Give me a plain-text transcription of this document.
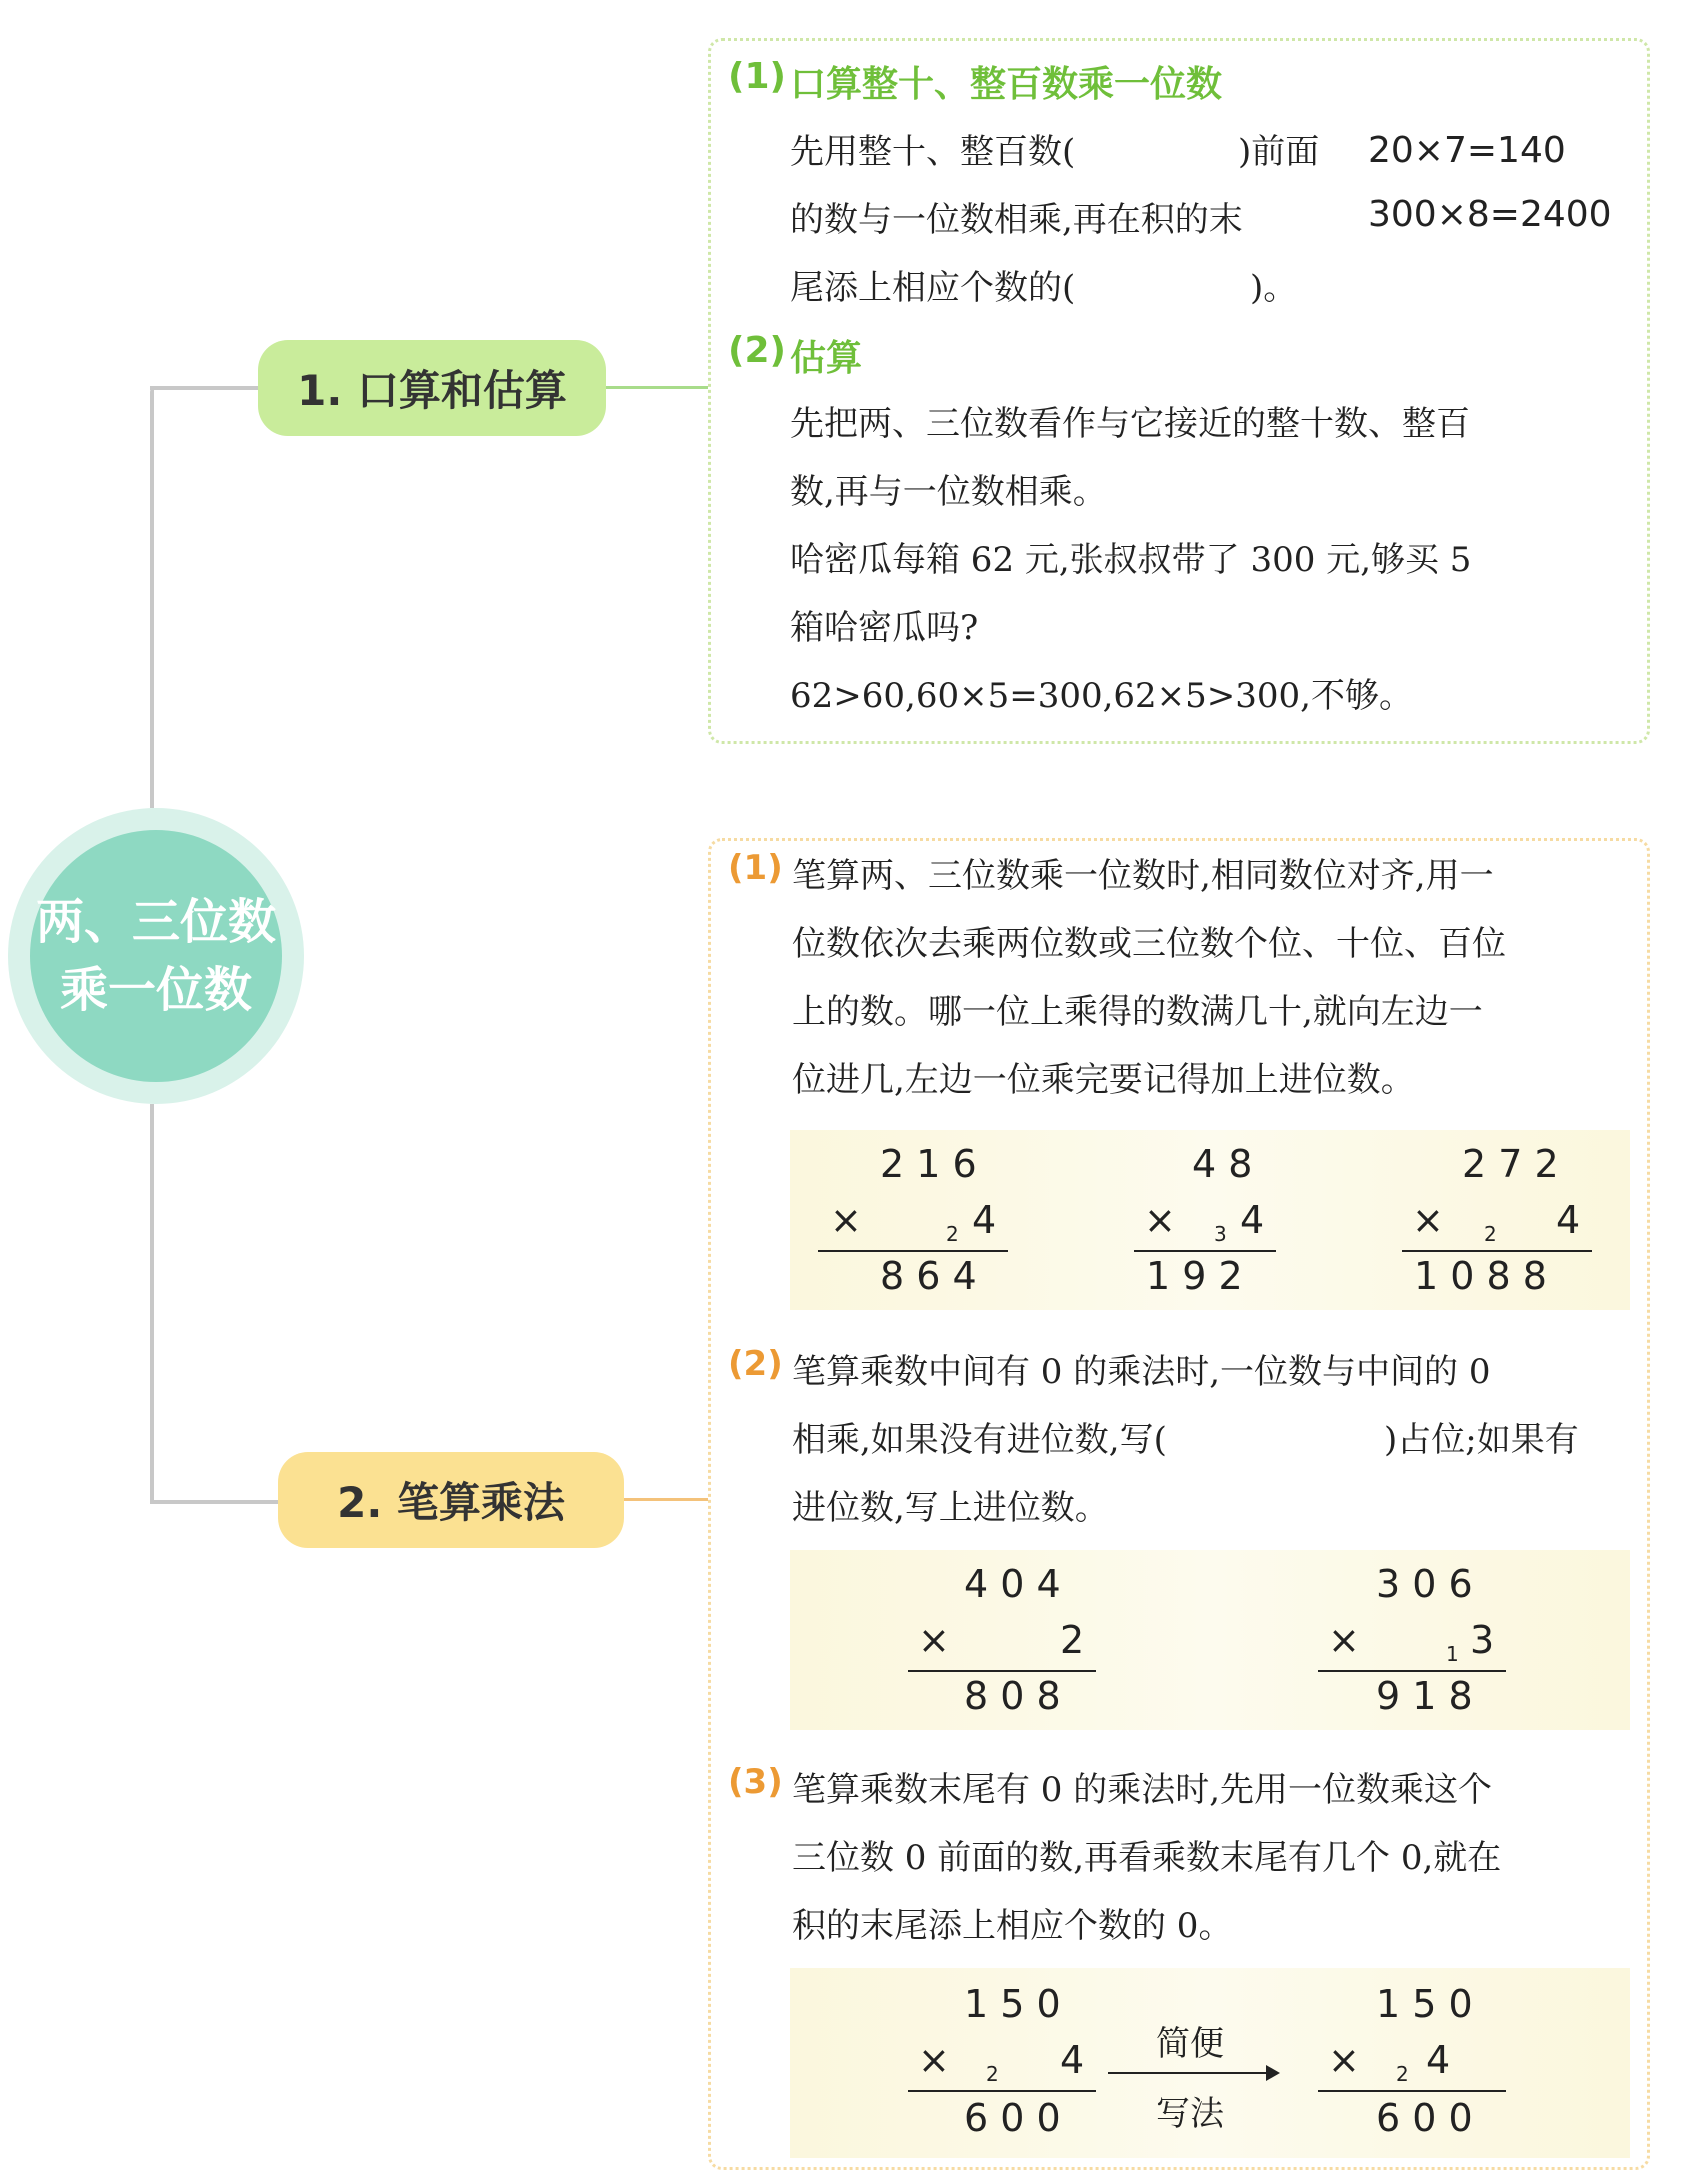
两、三位数
乘一位数
1. 口算和估算
2. 笔算乘法
(1) 口算整十、整百数乘一位数
先用整十、整百数(	)前面
的数与一位数相乘,再在积的末
尾添上相应个数的(	)。
20×7=140
300×8=2400
(2) 估算
先把两、三位数看作与它接近的整十数、整百
数,再与一位数相乘。
哈密瓜每箱 62 元,张叔叔带了 300 元,够买 5
箱哈密瓜吗?
62>60,60×5=300,62×5>300,不够。
(1) 笔算两、三位数乘一位数时,相同数位对齐,用一
位数依次去乘两位数或三位数个位、十位、百位
上的数。哪一位上乘得的数满几十,就向左边一
位进几,左边一位乘完要记得加上进位数。
2 1 6
×	2 4
8 6 4
4 8
× 3 4
1 9 2
2 7 2
× 2 4
1 0 8 8
(2) 笔算乘数中间有 0 的乘法时,一位数与中间的 0
相乘,如果没有进位数,写(	)占位;如果有
进位数,写上进位数。
4 0 4
×	2
8 0 8
3 0 6
×	1 3
9 1 8
(3) 笔算乘数末尾有 0 的乘法时,先用一位数乘这个
三位数 0 前面的数,再看乘数末尾有几个 0,就在
积的末尾添上相应个数的 0。
1 5 0
× 2 4
6 0 0
简便
写法
1 5 0
× 2 4
6 0 0
